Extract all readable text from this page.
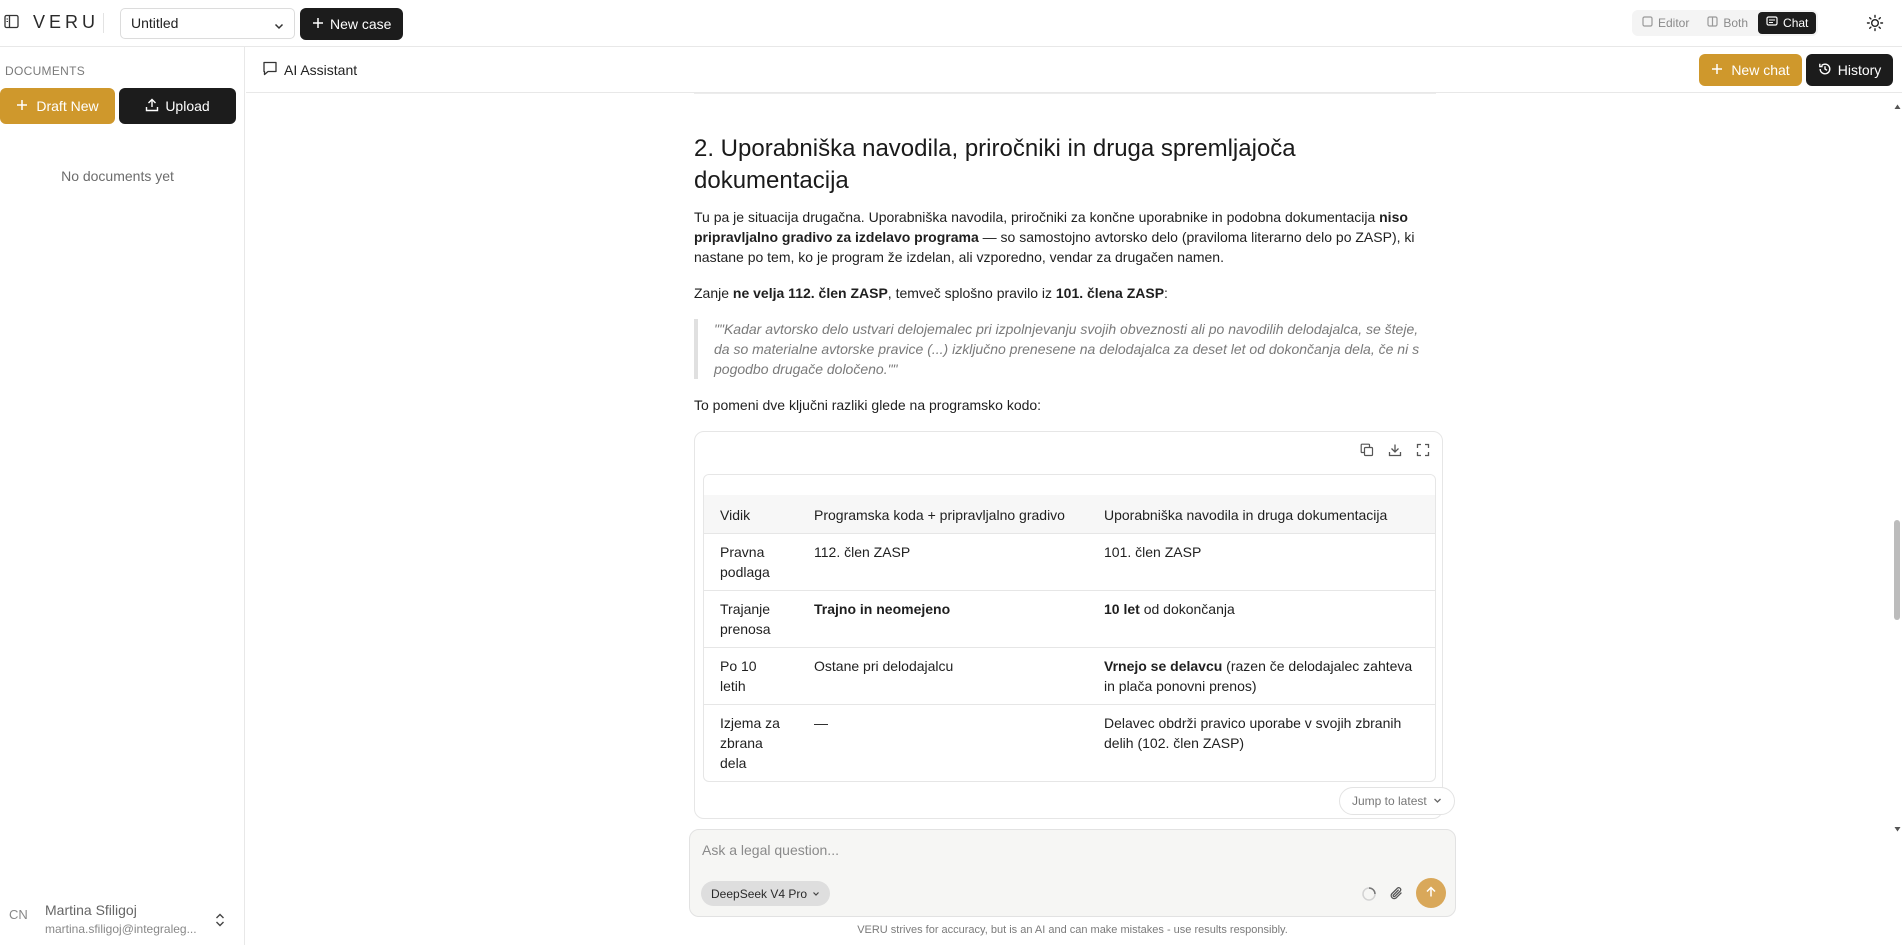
VERU	Untitled	New case	Editor	Both	Chat
DOCUMENTS
Draft New	Upload
No documents yet
CN Martina Sfiligoj
martina.sfiligoj@integraleg...
AI Assistant	New chat	History
2. Uporabniška navodila, priročniki in druga spremljajoča dokumentacija

Tu pa je situacija drugačna. Uporabniška navodila, priročniki za končne uporabnike in podobna dokumentacija niso pripravljalno gradivo za izdelavo programa — so samostojno avtorsko delo (praviloma literarno delo po ZASP), ki nastane po tem, ko je program že izdelan, ali vzporedno, vendar za drugačen namen.

Zanje ne velja 112. člen ZASP, temveč splošno pravilo iz 101. člena ZASP:

""Kadar avtorsko delo ustvari delojemalec pri izpolnjevanju svojih obveznosti ali po navodilih delodajalca, se šteje, da so materialne avtorske pravice (...) izključno prenesene na delodajalca za deset let od dokončanja dela, če ni s pogodbo drugače določeno.""

To pomeni dve ključni razliki glede na programsko kodo:

Vidik	Programska koda + pripravljalno gradivo	Uporabniška navodila in druga dokumentacija
Pravna podlaga	112. člen ZASP	101. člen ZASP
Trajanje prenosa	Trajno in neomejeno	10 let od dokončanja
Po 10 letih	Ostane pri delodajalcu	Vrnejo se delavcu (razen če delodajalec zahteva in plača ponovni prenos)
Izjema za zbrana dela	—	Delavec obdrži pravico uporabe v svojih zbranih delih (102. člen ZASP)
Jump to latest
Ask a legal question...
DeepSeek V4 Pro
VERU strives for accuracy, but is an AI and can make mistakes - use results responsibly.
